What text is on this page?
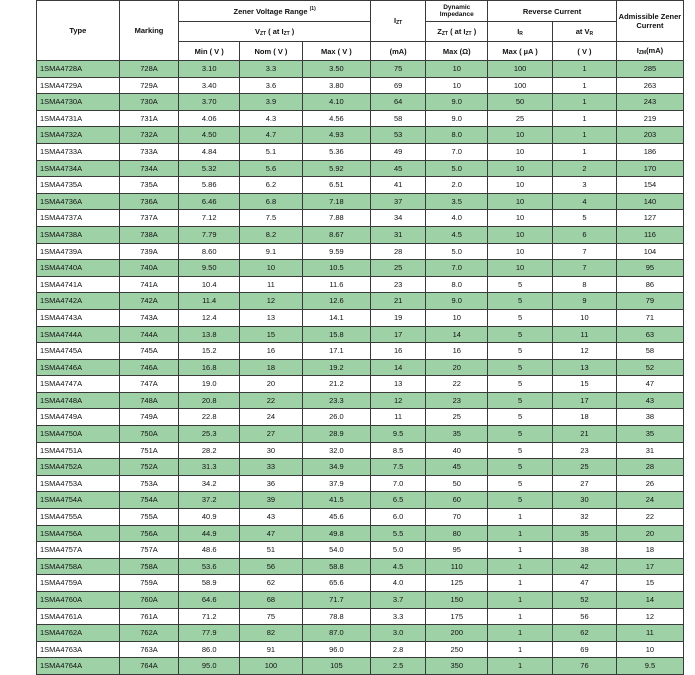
Type	Marking	Zener Voltage Range $^{(1)}$			$I_{ZT}$	Dynamic Impedance	Reverse Current		Admissible Zener Current
		$V_{ZT}$ ( at $I_{ZT}$ )				$Z_{ZT}$ ( at $I_{ZT}$ )	$I_R$	at $V_R$
		Min ( V )	Nom ( V )	Max ( V )	(mA)	Max (Ω)	Max ( µA )	( V )	$I_{ZM}(mA)$
1SMA4728A	728A	3.10	3.3	3.50	75	10	100	1	285
1SMA4729A	729A	3.40	3.6	3.80	69	10	100	1	263
1SMA4730A	730A	3.70	3.9	4.10	64	9.0	50	1	243
1SMA4731A	731A	4.06	4.3	4.56	58	9.0	25	1	219
1SMA4732A	732A	4.50	4.7	4.93	53	8.0	10	1	203
1SMA4733A	733A	4.84	5.1	5.36	49	7.0	10	1	186
1SMA4734A	734A	5.32	5.6	5.92	45	5.0	10	2	170
1SMA4735A	735A	5.86	6.2	6.51	41	2.0	10	3	154
1SMA4736A	736A	6.46	6.8	7.18	37	3.5	10	4	140
1SMA4737A	737A	7.12	7.5	7.88	34	4.0	10	5	127
1SMA4738A	738A	7.79	8.2	8.67	31	4.5	10	6	116
1SMA4739A	739A	8.60	9.1	9.59	28	5.0	10	7	104
1SMA4740A	740A	9.50	10	10.5	25	7.0	10	7	95
1SMA4741A	741A	10.4	11	11.6	23	8.0	5	8	86
1SMA4742A	742A	11.4	12	12.6	21	9.0	5	9	79
1SMA4743A	743A	12.4	13	14.1	19	10	5	10	71
1SMA4744A	744A	13.8	15	15.8	17	14	5	11	63
1SMA4745A	745A	15.2	16	17.1	16	16	5	12	58
1SMA4746A	746A	16.8	18	19.2	14	20	5	13	52
1SMA4747A	747A	19.0	20	21.2	13	22	5	15	47
1SMA4748A	748A	20.8	22	23.3	12	23	5	17	43
1SMA4749A	749A	22.8	24	26.0	11	25	5	18	38
1SMA4750A	750A	25.3	27	28.9	9.5	35	5	21	35
1SMA4751A	751A	28.2	30	32.0	8.5	40	5	23	31
1SMA4752A	752A	31.3	33	34.9	7.5	45	5	25	28
1SMA4753A	753A	34.2	36	37.9	7.0	50	5	27	26
1SMA4754A	754A	37.2	39	41.5	6.5	60	5	30	24
1SMA4755A	755A	40.9	43	45.6	6.0	70	1	32	22
1SMA4756A	756A	44.9	47	49.8	5.5	80	1	35	20
1SMA4757A	757A	48.6	51	54.0	5.0	95	1	38	18
1SMA4758A	758A	53.6	56	58.8	4.5	110	1	42	17
1SMA4759A	759A	58.9	62	65.6	4.0	125	1	47	15
1SMA4760A	760A	64.6	68	71.7	3.7	150	1	52	14
1SMA4761A	761A	71.2	75	78.8	3.3	175	1	56	12
1SMA4762A	762A	77.9	82	87.0	3.0	200	1	62	11
1SMA4763A	763A	86.0	91	96.0	2.8	250	1	69	10
1SMA4764A	764A	95.0	100	105	2.5	350	1	76	9.5
